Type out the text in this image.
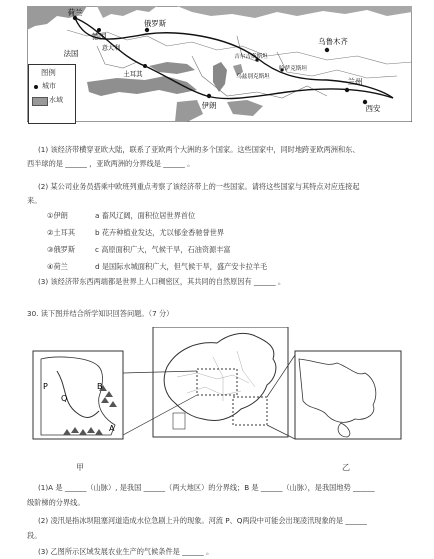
荷兰
德国
法国
意大利
俄罗斯
土耳其
伊朗
乌鲁木齐
兰州
西安
吉尔吉斯斯坦
哈萨克斯坦
乌兹别克斯坦
图例
城市
水域
(1) 该经济带横穿亚欧大陆，联系了亚欧两个大洲的多个国家。这些国家中，同时地跨亚欧两洲和东、
西半球的是 ______ ，亚欧两洲的分界线是 ______ 。
(2) 某公司业务员搭乘中欧班列重点考察了该经济带上的一些国家。请将这些国家与其特点对应连接起
来。
①伊朗	a 畜风辽阔，面积位居世界首位
②土耳其	b 花卉种植业发达，尤以郁金香驰誉世界
③俄罗斯	c 高原面积广大，气候干旱，石油资源丰富
④荷兰	d 是国际水城面积广大，但气候干旱，盛产安卡拉羊毛
(3) 该经济带东西两端都是世界上人口稠密区，其共同的自然原因有 ______ 。
30. 读下图并结合所学知识回答问题。（7 分）
P
Q
B
A
甲	乙
(1)A 是 ______（山脉）, 是我国 ______（两大地区）的分界线；B 是 ______（山脉），是我国地势 ______
级阶梯的分界线。
(2) 凌汛是指冰坝阻塞河道造成水位急剧上升的现象。河流 P、Q两段中可能会出现凌汛现象的是 ______
段。
(3) 乙图所示区域发展农业生产的气候条件是 ______ 。
